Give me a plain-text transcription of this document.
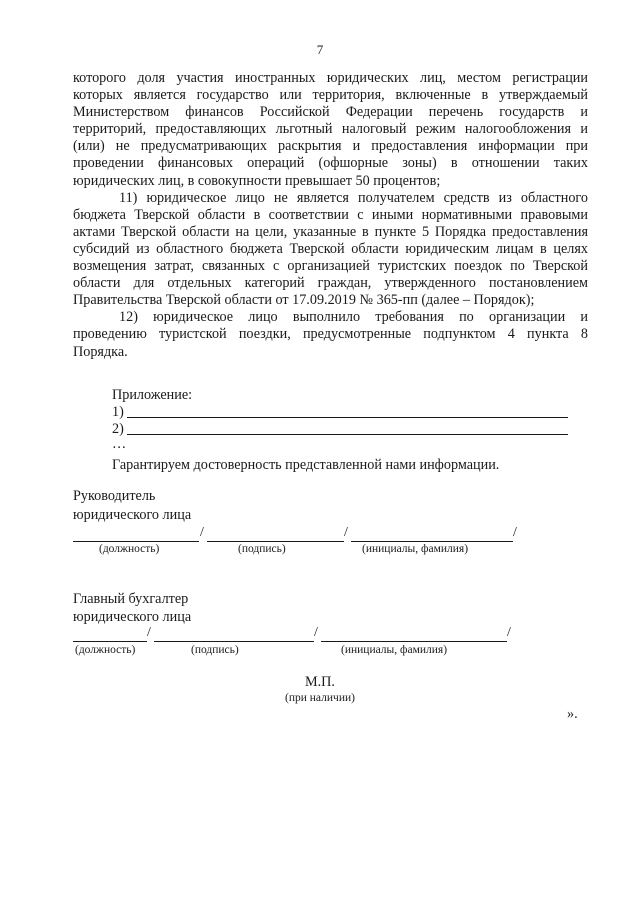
7
которого доля участия иностранных юридических лиц, местом регистрации
которых является государство или территория, включенные в утверждаемый
Министерством финансов Российской Федерации перечень государств и
территорий, предоставляющих льготный налоговый режим налогообложения и
(или) не предусматривающих раскрытия и предоставления информации при
проведении финансовых операций (офшорные зоны) в отношении таких
юридических лиц, в совокупности превышает 50 процентов;
11) юридическое лицо не является получателем средств из областного
бюджета Тверской области в соответствии с иными нормативными правовыми
актами Тверской области на цели, указанные в пункте 5 Порядка предоставления
субсидий из областного бюджета Тверской области юридическим лицам в целях
возмещения затрат, связанных с организацией туристских поездок по Тверской
области для отдельных категорий граждан, утвержденного постановлением
Правительства Тверской области от 17.09.2019 № 365-пп (далее – Порядок);
12) юридическое лицо выполнило требования по организации и
проведению туристской поездки, предусмотренные подпунктом 4 пункта 8
Порядка.
Приложение:
1)
2)
…
Гарантируем достоверность представленной нами информации.
Руководитель
юридического лица
/	/	/
(должность)	(подпись)	(инициалы, фамилия)
Главный бухгалтер
юридического лица
/	/	/
(должность)	(подпись)	(инициалы, фамилия)
М.П.
(при наличии)
».
